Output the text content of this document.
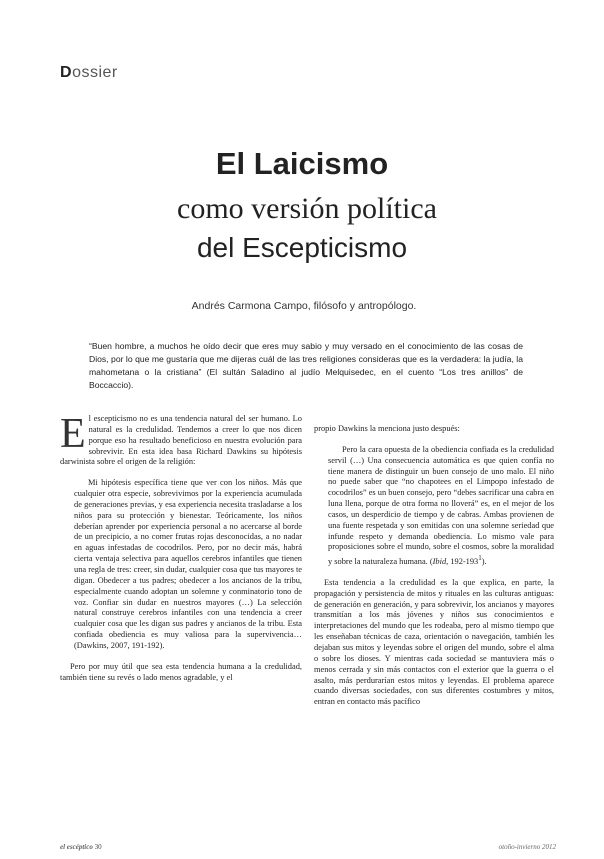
Dossier
El Laicismo
como versión política
del Escepticismo
Andrés Carmona Campo, filósofo y antropólogo.
“Buen hombre, a muchos he oído decir que eres muy sabio y muy versado en el conocimiento de las cosas de Dios, por lo que me gustaría que me dijeras cuál de las tres religiones consideras que es la verdadera: la judía, la mahometana o la cristiana” (El sultán Saladino al judío Melquisedec, en el cuento “Los tres anillos” de Boccaccio).

El escepticismo no es una tendencia natural del ser humano. Lo natural es la credulidad. Tendemos a creer lo que nos dicen porque eso ha resultado beneficioso en nuestra evolución para sobrevivir. En esta idea basa Richard Dawkins su hipótesis darwinista sobre el origen de la religión:

Mi hipótesis específica tiene que ver con los niños. Más que cualquier otra especie, sobrevivimos por la experiencia acumulada de generaciones previas, y esa experiencia necesita trasladarse a los niños para su protección y bienestar. Teóricamente, los niños deberían aprender por experiencia personal a no acercarse al borde de un precipicio, a no comer frutas rojas desconocidas, a no nadar en aguas infestadas de cocodrilos. Pero, por no decir más, habrá cierta ventaja selectiva para aquellos cerebros infantiles que tienen una regla de tres: creer, sin dudar, cualquier cosa que tus mayores te digan. Obedecer a tus padres; obedecer a los ancianos de la tribu, especialmente cuando adoptan un solemne y conminatorio tono de voz. Confiar sin dudar en nuestros mayores (…) La selección natural construye cerebros infantiles con una tendencia a creer cualquier cosa que les digan sus padres y ancianos de la tribu. Esta confiada obediencia es muy valiosa para la supervivencia… (Dawkins, 2007, 191-192).

Pero por muy útil que sea esta tendencia humana a la credulidad, también tiene su revés o lado menos agradable, y el

propio Dawkins la menciona justo después:

Pero la cara opuesta de la obediencia confiada es la credulidad servil (…) Una consecuencia automática es que quien confía no tiene manera de distinguir un buen consejo de uno malo. El niño no puede saber que “no chapotees en el Limpopo infestado de cocodrilos” es un buen consejo, pero “debes sacrificar una cabra en luna llena, porque de otra forma no lloverá” es, en el mejor de los casos, un desperdicio de tiempo y de cabras. Ambas provienen de una fuente respetada y son emitidas con una solemne seriedad que infunde respeto y demanda obediencia. Lo mismo vale para proposiciones sobre el mundo, sobre el cosmos, sobre la moralidad y sobre la naturaleza humana. (Ibid, $192-193^1$).

Esta tendencia a la credulidad es la que explica, en parte, la propagación y persistencia de mitos y rituales en las culturas antiguas: de generación en generación, y para sobrevivir, los ancianos y mayores transmitían a los más jóvenes y niños sus conocimientos e interpretaciones del mundo que les rodeaba, pero al mismo tiempo que les enseñaban técnicas de caza, orientación o navegación, también les dejaban sus mitos y leyendas sobre el origen del mundo, sobre el alma o sobre los dioses. Y mientras cada sociedad se mantuviera más o menos cerrada y sin más contactos con el exterior que la guerra o el asalto, más perdurarían estos mitos y leyendas. El problema aparece cuando diversas sociedades, con sus diferentes costumbres y mitos, entran en contacto más pacífico

el escéptico 30	otoño-invierno 2012
